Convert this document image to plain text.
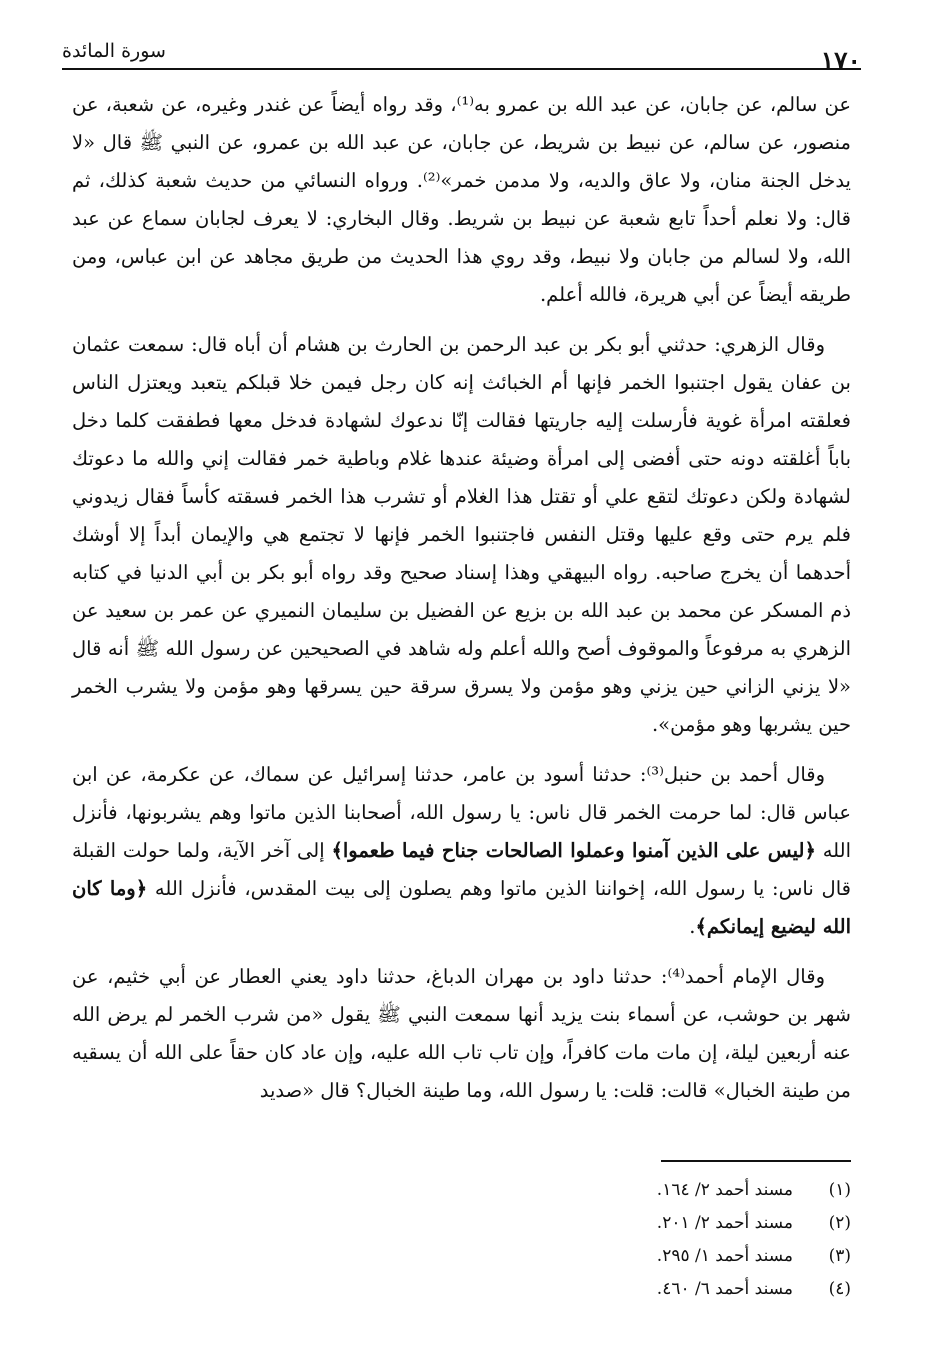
١٧٠
سورة المائدة

عن سالم، عن جابان، عن عبد الله بن عمرو به⁽¹⁾، وقد رواه أيضاً عن غندر وغيره، عن شعبة، عن منصور، عن سالم، عن نبيط بن شريط، عن جابان، عن عبد الله بن عمرو، عن النبي ﷺ قال «لا يدخل الجنة منان، ولا عاق والديه، ولا مدمن خمر»⁽²⁾. ورواه النسائي من حديث شعبة كذلك، ثم قال: ولا نعلم أحداً تابع شعبة عن نبيط بن شريط. وقال البخاري: لا يعرف لجابان سماع عن عبد الله، ولا لسالم من جابان ولا نبيط، وقد روي هذا الحديث من طريق مجاهد عن ابن عباس، ومن طريقه أيضاً عن أبي هريرة، فالله أعلم.

وقال الزهري: حدثني أبو بكر بن عبد الرحمن بن الحارث بن هشام أن أباه قال: سمعت عثمان بن عفان يقول اجتنبوا الخمر فإنها أم الخبائث إنه كان رجل فيمن خلا قبلكم يتعبد ويعتزل الناس فعلقته امرأة غوية فأرسلت إليه جاريتها فقالت إنّا ندعوك لشهادة فدخل معها فطفقت كلما دخل باباً أغلقته دونه حتى أفضى إلى امرأة وضيئة عندها غلام وباطية خمر فقالت إني والله ما دعوتك لشهادة ولكن دعوتك لتقع علي أو تقتل هذا الغلام أو تشرب هذا الخمر فسقته كأساً فقال زيدوني فلم يرم حتى وقع عليها وقتل النفس فاجتنبوا الخمر فإنها لا تجتمع هي والإيمان أبداً إلا أوشك أحدهما أن يخرج صاحبه. رواه البيهقي وهذا إسناد صحيح وقد رواه أبو بكر بن أبي الدنيا في كتابه ذم المسكر عن محمد بن عبد الله بن بزيع عن الفضيل بن سليمان النميري عن عمر بن سعيد عن الزهري به مرفوعاً والموقوف أصح والله أعلم وله شاهد في الصحيحين عن رسول الله ﷺ أنه قال «لا يزني الزاني حين يزني وهو مؤمن ولا يسرق سرقة حين يسرقها وهو مؤمن ولا يشرب الخمر حين يشربها وهو مؤمن».

وقال أحمد بن حنبل⁽³⁾: حدثنا أسود بن عامر، حدثنا إسرائيل عن سماك، عن عكرمة، عن ابن عباس قال: لما حرمت الخمر قال ناس: يا رسول الله، أصحابنا الذين ماتوا وهم يشربونها، فأنزل الله ﴿ليس على الذين آمنوا وعملوا الصالحات جناح فيما طعموا﴾ إلى آخر الآية، ولما حولت القبلة قال ناس: يا رسول الله، إخواننا الذين ماتوا وهم يصلون إلى بيت المقدس، فأنزل الله ﴿وما كان الله ليضيع إيمانكم﴾.

وقال الإمام أحمد⁽⁴⁾: حدثنا داود بن مهران الدباغ، حدثنا داود يعني العطار عن أبي خثيم، عن شهر بن حوشب، عن أسماء بنت يزيد أنها سمعت النبي ﷺ يقول «من شرب الخمر لم يرض الله عنه أربعين ليلة، إن مات مات كافراً، وإن تاب تاب الله عليه، وإن عاد كان حقاً على الله أن يسقيه من طينة الخبال» قالت: قلت: يا رسول الله، وما طينة الخبال؟ قال «صديد

(١)
مسند أحمد ٢/ ١٦٤.
(٢)
مسند أحمد ٢/ ٢٠١.
(٣)
مسند أحمد ١/ ٢٩٥.
(٤)
مسند أحمد ٦/ ٤٦٠.
